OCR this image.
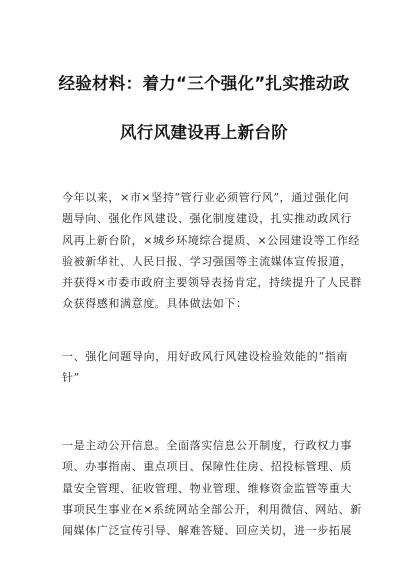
经验材料：着力“三个强化”扎实推动政
风行风建设再上新台阶
今年以来，×市×坚持“管行业必须管行风”，通过强化问
题导向、强化作风建设、强化制度建设，扎实推动政风行
风再上新台阶，×城乡环境综合提质、×公园建设等工作经
验被新华社、人民日报、学习强国等主流媒体宣传报道，
并获得×市委市政府主要领导表扬肯定，持续提升了人民群
众获得感和满意度。具体做法如下：
一、强化问题导向，用好政风行风建设检验效能的“指南
针”
一是主动公开信息。全面落实信息公开制度，行政权力事
项、办事指南、重点项目、保障性住房、招投标管理、质
量安全管理、征收管理、物业管理、维修资金监管等重大
事项民生事业在×系统网站全部公开，利用微信、网站、新
闻媒体广泛宣传引导、解难答疑、回应关切，进一步拓展
